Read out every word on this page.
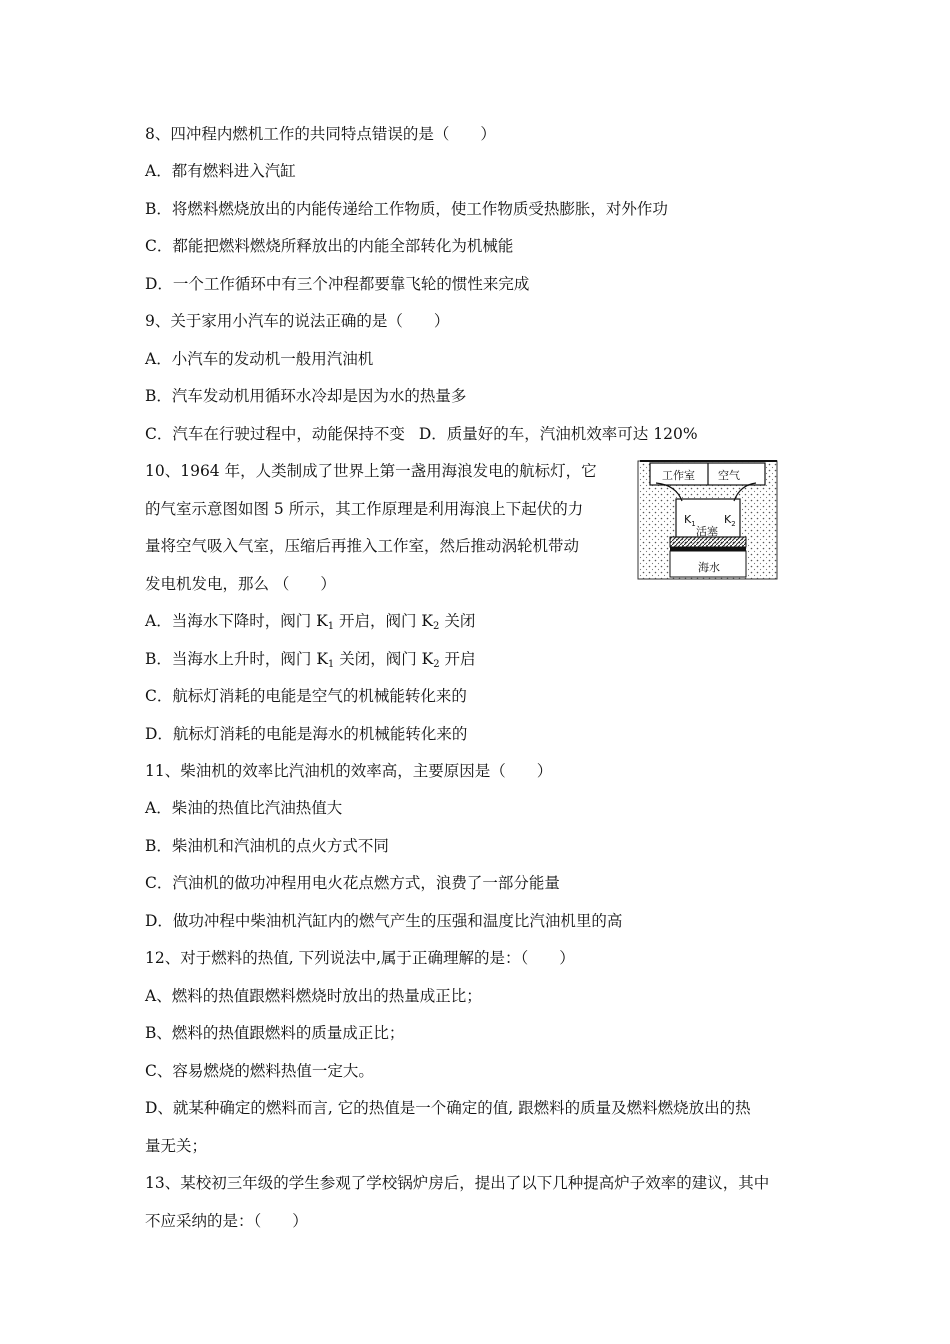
8、四冲程内燃机工作的共同特点错误的是（　　）
A．都有燃料进入汽缸
B．将燃料燃烧放出的内能传递给工作物质，使工作物质受热膨胀，对外作功
C．都能把燃料燃烧所释放出的内能全部转化为机械能
D．一个工作循环中有三个冲程都要靠飞轮的惯性来完成
9、关于家用小汽车的说法正确的是（　　）
A．小汽车的发动机一般用汽油机
B．汽车发动机用循环水冷却是因为水的热量多
C．汽车在行驶过程中，动能保持不变 D．质量好的车，汽油机效率可达 120%
10、1964 年，人类制成了世界上第一盏用海浪发电的航标灯，它
的气室示意图如图 5 所示，其工作原理是利用海浪上下起伏的力
量将空气吸入气室，压缩后再推入工作室，然后推动涡轮机带动
发电机发电，那么 （　　）
工作室 空气
$K_1$	$K_2$
活塞
海水
A．当海水下降时，阀门 $K_1$ 开启，阀门 $K_2$ 关闭
B．当海水上升时，阀门 $K_1$ 关闭，阀门 $K_2$ 开启
C．航标灯消耗的电能是空气的机械能转化来的
D．航标灯消耗的电能是海水的机械能转化来的
11、柴油机的效率比汽油机的效率高，主要原因是（　　）
A．柴油的热值比汽油热值大
B．柴油机和汽油机的点火方式不同
C．汽油机的做功冲程用电火花点燃方式，浪费了一部分能量
D．做功冲程中柴油机汽缸内的燃气产生的压强和温度比汽油机里的高
12、对于燃料的热值, 下列说法中,属于正确理解的是：（　　）
A、燃料的热值跟燃料燃烧时放出的热量成正比；
B、燃料的热值跟燃料的质量成正比；
C、容易燃烧的燃料热值一定大。
D、就某种确定的燃料而言, 它的热值是一个确定的值, 跟燃料的质量及燃料燃烧放出的热
量无关；
13、某校初三年级的学生参观了学校锅炉房后，提出了以下几种提高炉子效率的建议，其中
不应采纳的是：（　　）
